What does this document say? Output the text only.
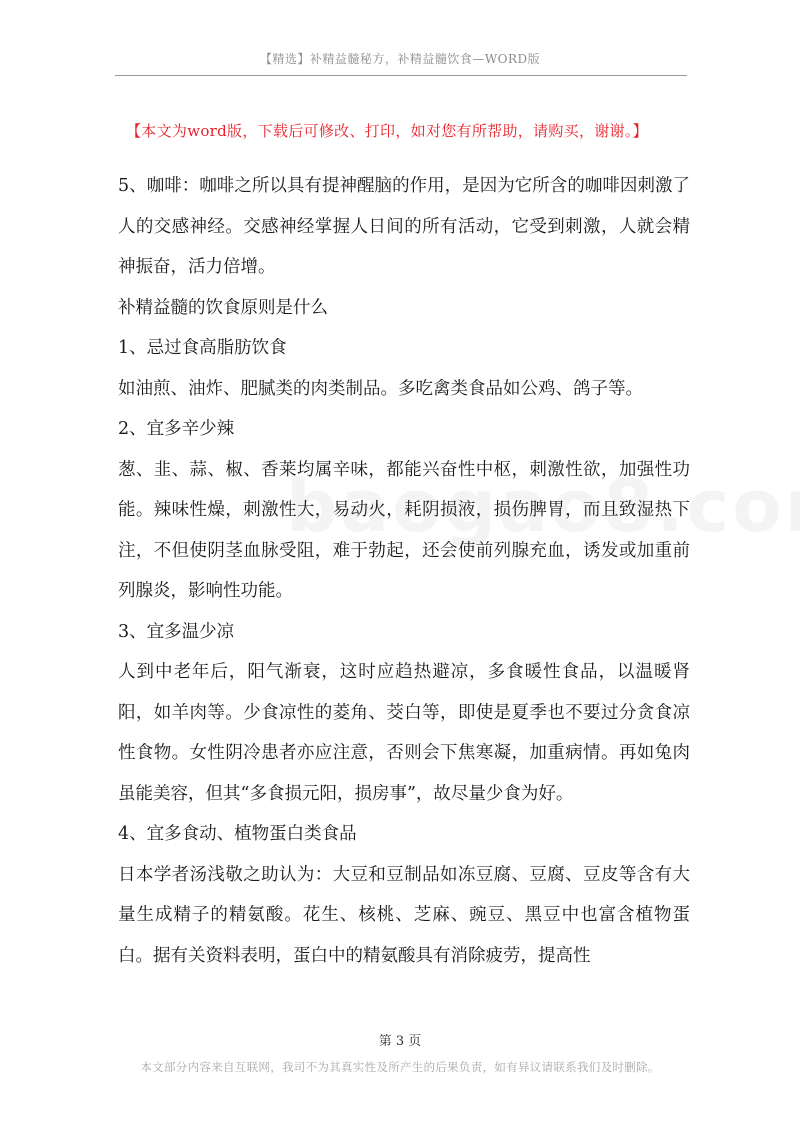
【精选】补精益髓秘方，补精益髓饮食—WORD版
【本文为word版，下载后可修改、打印，如对您有所帮助，请购买，谢谢。】

5、咖啡：咖啡之所以具有提神醒脑的作用，是因为它所含的咖啡因刺激了人的交感神经。交感神经掌握人日间的所有活动，它受到刺激，人就会精神振奋，活力倍增。

补精益髓的饮食原则是什么

1、忌过食高脂肪饮食

如油煎、油炸、肥腻类的肉类制品。多吃禽类食品如公鸡、鸽子等。

2、宜多辛少辣

葱、韭、蒜、椒、香莱均属辛味，都能兴奋性中枢，刺激性欲，加强性功能。辣味性燥，刺激性大，易动火，耗阴损液，损伤脾胃，而且致湿热下注，不但使阴茎血脉受阻，难于勃起，还会使前列腺充血，诱发或加重前列腺炎，影响性功能。

3、宜多温少凉

人到中老年后，阳气渐衰，这时应趋热避凉，多食暖性食品，以温暖肾阳，如羊肉等。少食凉性的菱角、茭白等，即使是夏季也不要过分贪食凉性食物。女性阴冷患者亦应注意，否则会下焦寒凝，加重病情。再如兔肉虽能美容，但其“多食损元阳，损房事”，故尽量少食为好。

4、宜多食动、植物蛋白类食品

日本学者汤浅敬之助认为：大豆和豆制品如冻豆腐、豆腐、豆皮等含有大量生成精子的精氨酸。花生、核桃、芝麻、豌豆、黑豆中也富含植物蛋白。据有关资料表明，蛋白中的精氨酸具有消除疲劳，提高性

第 3 页
本文部分内容来自互联网，我司不为其真实性及所产生的后果负责，如有异议请联系我们及时删除。
